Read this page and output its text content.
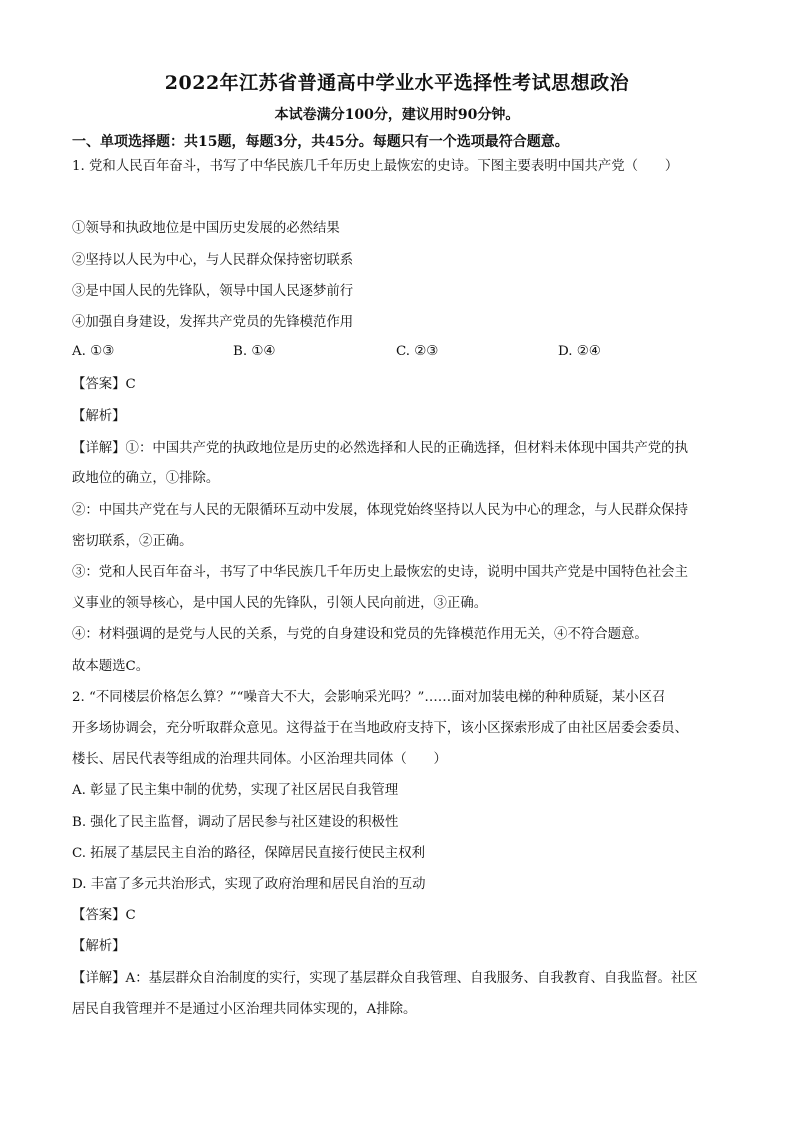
2022年江苏省普通高中学业水平选择性考试思想政治
本试卷满分100分，建议用时90分钟。
一、单项选择题：共15题，每题3分，共45分。每题只有一个选项最符合题意。
1. 党和人民百年奋斗，书写了中华民族几千年历史上最恢宏的史诗。下图主要表明中国共产党（　　）
①领导和执政地位是中国历史发展的必然结果
②坚持以人民为中心，与人民群众保持密切联系
③是中国人民的先锋队，领导中国人民逐梦前行
④加强自身建设，发挥共产党员的先锋模范作用
A. ①③	B. ①④	C. ②③	D. ②④
【答案】C
【解析】
【详解】①：中国共产党的执政地位是历史的必然选择和人民的正确选择，但材料未体现中国共产党的执
政地位的确立，①排除。
②：中国共产党在与人民的无限循环互动中发展，体现党始终坚持以人民为中心的理念，与人民群众保持
密切联系，②正确。
③：党和人民百年奋斗，书写了中华民族几千年历史上最恢宏的史诗，说明中国共产党是中国特色社会主
义事业的领导核心，是中国人民的先锋队，引领人民向前进，③正确。
④：材料强调的是党与人民的关系，与党的自身建设和党员的先锋模范作用无关，④不符合题意。
故本题选C。
2. “不同楼层价格怎么算？”“噪音大不大，会影响采光吗？”……面对加装电梯的种种质疑，某小区召
开多场协调会，充分听取群众意见。这得益于在当地政府支持下，该小区探索形成了由社区居委会委员、
楼长、居民代表等组成的治理共同体。小区治理共同体（　　）
A. 彰显了民主集中制的优势，实现了社区居民自我管理
B. 强化了民主监督，调动了居民参与社区建设的积极性
C. 拓展了基层民主自治的路径，保障居民直接行使民主权利
D. 丰富了多元共治形式，实现了政府治理和居民自治的互动
【答案】C
【解析】
【详解】A：基层群众自治制度的实行，实现了基层群众自我管理、自我服务、自我教育、自我监督。社区
居民自我管理并不是通过小区治理共同体实现的，A排除。
